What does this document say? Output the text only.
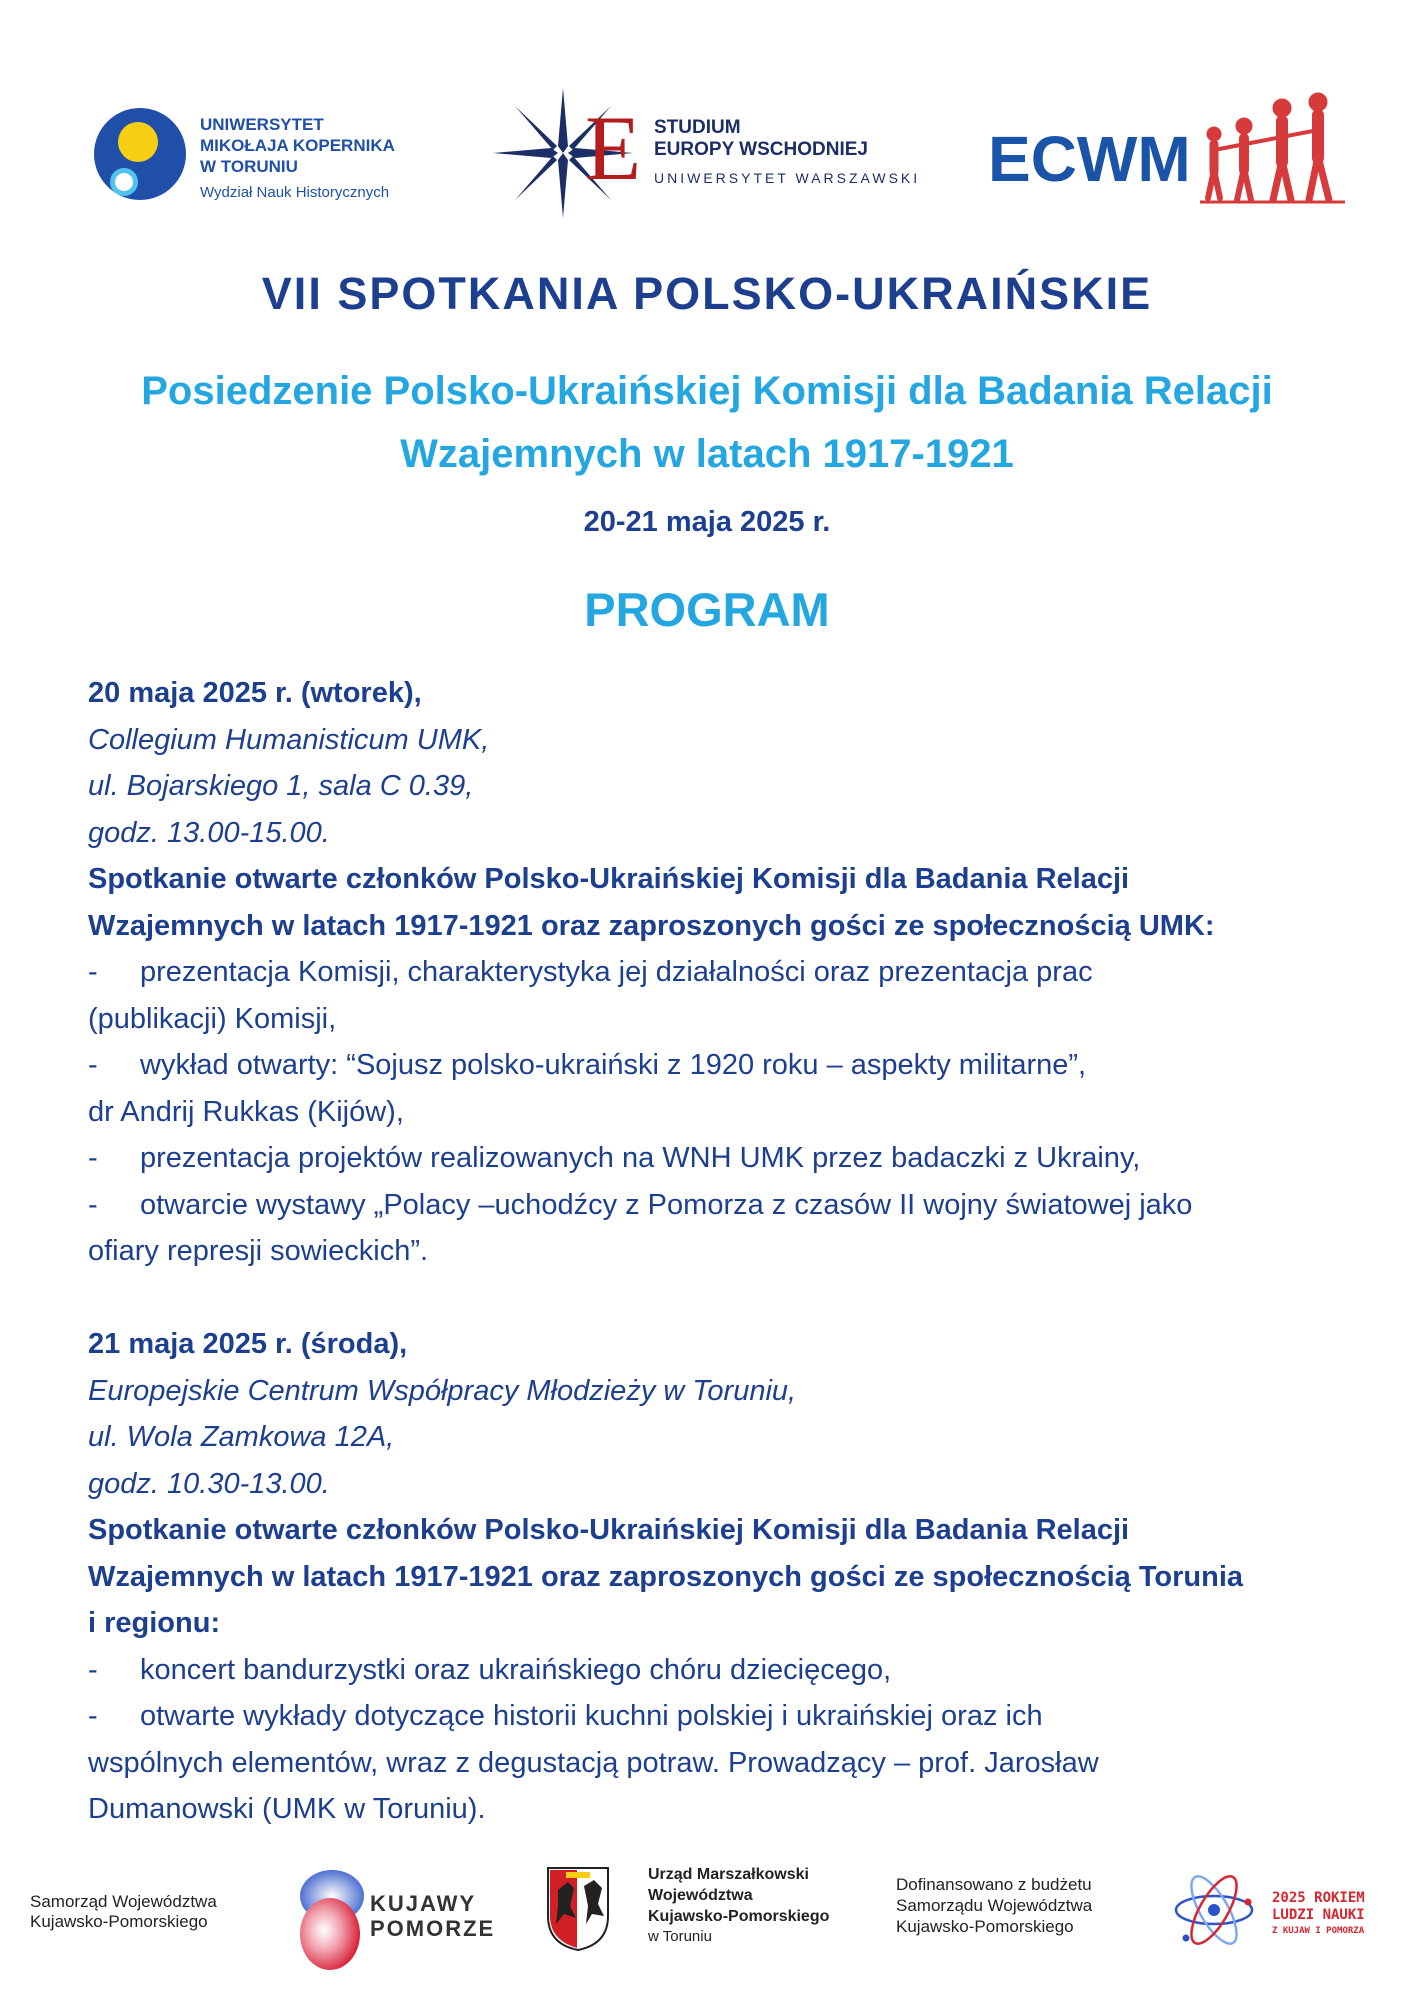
UNIWERSYTET
MIKOŁAJA KOPERNIKA
W TORUNIU
Wydział Nauk Historycznych E STUDIUM
EUROPY WSCHODNIEJ
UNIWERSYTET WARSZAWSKI ECWM
VII SPOTKANIA POLSKO-UKRAIŃSKIE
Posiedzenie Polsko-Ukraińskiej Komisji dla Badania Relacji
Wzajemnych w latach 1917-1921
20-21 maja 2025 r.
PROGRAM
20 maja 2025 r. (wtorek),
Collegium Humanisticum UMK,
ul. Bojarskiego 1, sala C 0.39,
godz. 13.00-15.00.
Spotkanie otwarte członków Polsko-Ukraińskiej Komisji dla Badania Relacji
Wzajemnych w latach 1917-1921 oraz zaproszonych gości ze społecznością UMK:
- prezentacja Komisji, charakterystyka jej działalności oraz prezentacja prac
(publikacji) Komisji,
- wykład otwarty: “Sojusz polsko-ukraiński z 1920 roku – aspekty militarne”,
dr Andrij Rukkas (Kijów),
- prezentacja projektów realizowanych na WNH UMK przez badaczki z Ukrainy,
- otwarcie wystawy „Polacy –uchodźcy z Pomorza z czasów II wojny światowej jako
ofiary represji sowieckich”.
21 maja 2025 r. (środa),
Europejskie Centrum Współpracy Młodzieży w Toruniu,
ul. Wola Zamkowa 12A,
godz. 10.30-13.00.
Spotkanie otwarte członków Polsko-Ukraińskiej Komisji dla Badania Relacji
Wzajemnych w latach 1917-1921 oraz zaproszonych gości ze społecznością Torunia
i regionu:
- koncert bandurzystki oraz ukraińskiego chóru dziecięcego,
- otwarte wykłady dotyczące historii kuchni polskiej i ukraińskiej oraz ich
wspólnych elementów, wraz z degustacją potraw. Prowadzący – prof. Jarosław
Dumanowski (UMK w Toruniu).
Samorząd Województwa
Kujawsko-Pomorskiego
KUJAWY
POMORZE
Urząd Marszałkowski
Województwa
Kujawsko-Pomorskiego
w Toruniu
Dofinansowano z budżetu
Samorządu Województwa
Kujawsko-Pomorskiego
2025 ROKIEM
LUDZI NAUKI
Z KUJAW I POMORZA
